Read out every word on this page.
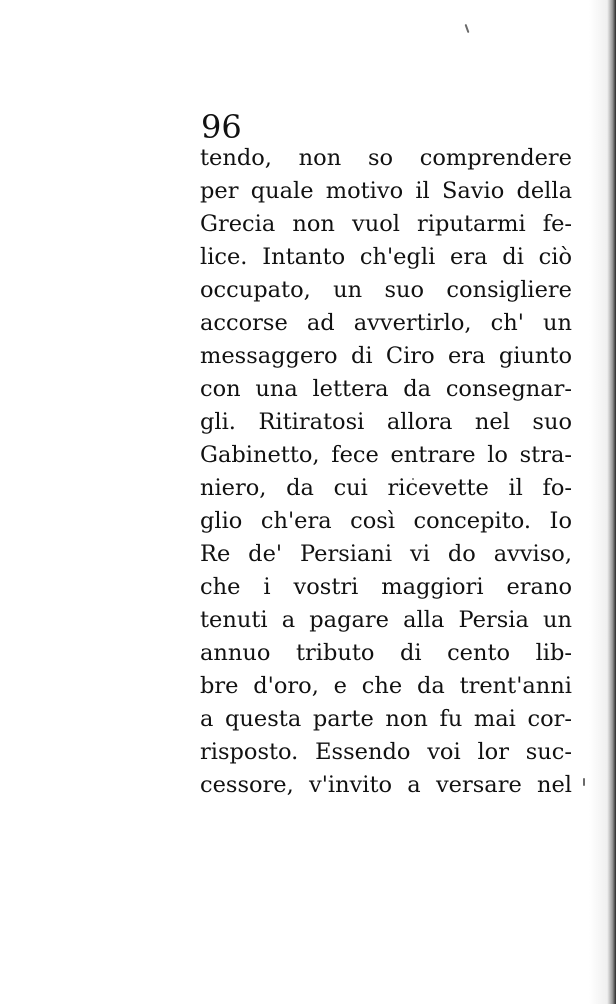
96
tendo, non so comprendere
per quale motivo il Savio della
Grecia non vuol riputarmi fe-
lice. Intanto ch'egli era di ciò
occupato, un suo consigliere
accorse ad avvertirlo, ch' un
messaggero di Ciro era giunto
con una lettera da consegnar-
gli. Ritiratosi allora nel suo
Gabinetto, fece entrare lo stra-
niero, da cui ricevette il fo-
glio ch'era così concepito. Io
Re de' Persiani vi do avviso,
che i vostri maggiori erano
tenuti a pagare alla Persia un
annuo tributo di cento lib-
bre d'oro, e che da trent'anni
a questa parte non fu mai cor-
risposto. Essendo voi lor suc-
cessore, v'invito a versare nel
